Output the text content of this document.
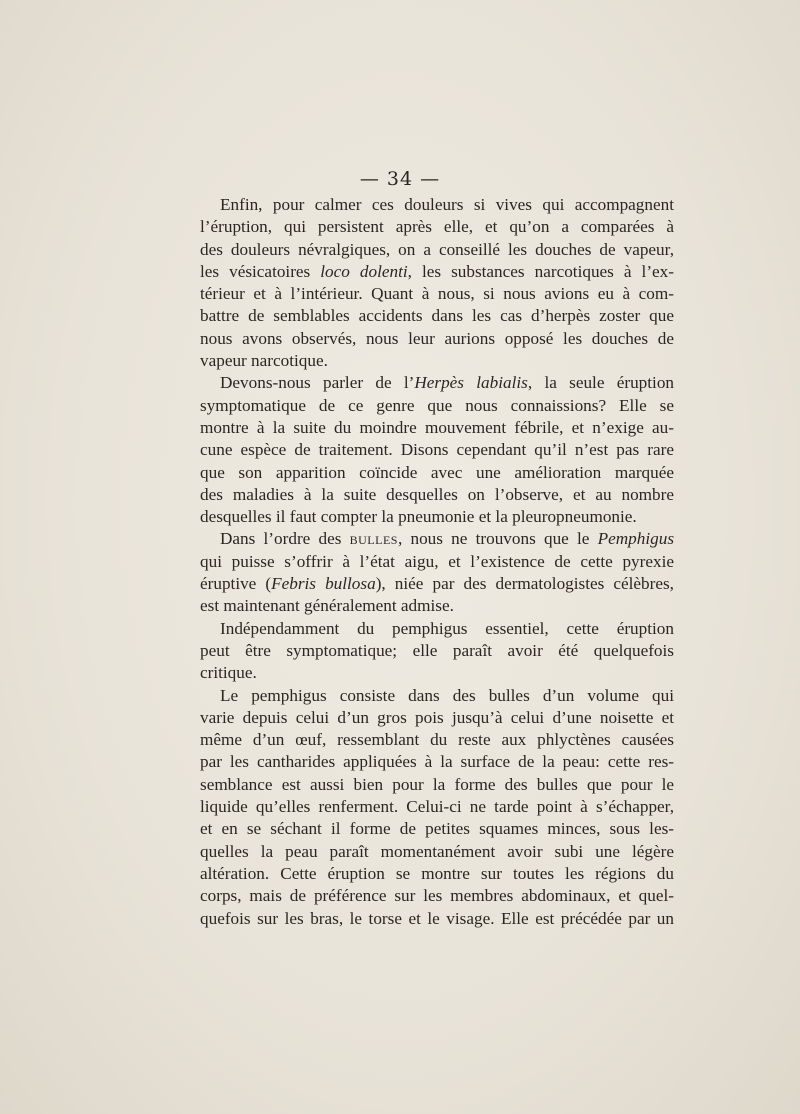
— 34 —
Enfin, pour calmer ces douleurs si vives qui accompagnent
l’éruption, qui persistent après elle, et qu’on a comparées à
des douleurs névralgiques, on a conseillé les douches de vapeur,
les vésicatoires loco dolenti, les substances narcotiques à l’ex-
térieur et à l’intérieur. Quant à nous, si nous avions eu à com-
battre de semblables accidents dans les cas d’herpès zoster que
nous avons observés, nous leur aurions opposé les douches de
vapeur narcotique.
Devons-nous parler de l’Herpès labialis, la seule éruption
symptomatique de ce genre que nous connaissions? Elle se
montre à la suite du moindre mouvement fébrile, et n’exige au-
cune espèce de traitement. Disons cependant qu’il n’est pas rare
que son apparition coïncide avec une amélioration marquée
des maladies à la suite desquelles on l’observe, et au nombre
desquelles il faut compter la pneumonie et la pleuropneumonie.
Dans l’ordre des bulles, nous ne trouvons que le Pemphigus
qui puisse s’offrir à l’état aigu, et l’existence de cette pyrexie
éruptive (Febris bullosa), niée par des dermatologistes célèbres,
est maintenant généralement admise.
Indépendamment du pemphigus essentiel, cette éruption
peut être symptomatique; elle paraît avoir été quelquefois
critique.
Le pemphigus consiste dans des bulles d’un volume qui
varie depuis celui d’un gros pois jusqu’à celui d’une noisette et
même d’un œuf, ressemblant du reste aux phlyctènes causées
par les cantharides appliquées à la surface de la peau: cette res-
semblance est aussi bien pour la forme des bulles que pour le
liquide qu’elles renferment. Celui-ci ne tarde point à s’échapper,
et en se séchant il forme de petites squames minces, sous les-
quelles la peau paraît momentanément avoir subi une légère
altération. Cette éruption se montre sur toutes les régions du
corps, mais de préférence sur les membres abdominaux, et quel-
quefois sur les bras, le torse et le visage. Elle est précédée par un
